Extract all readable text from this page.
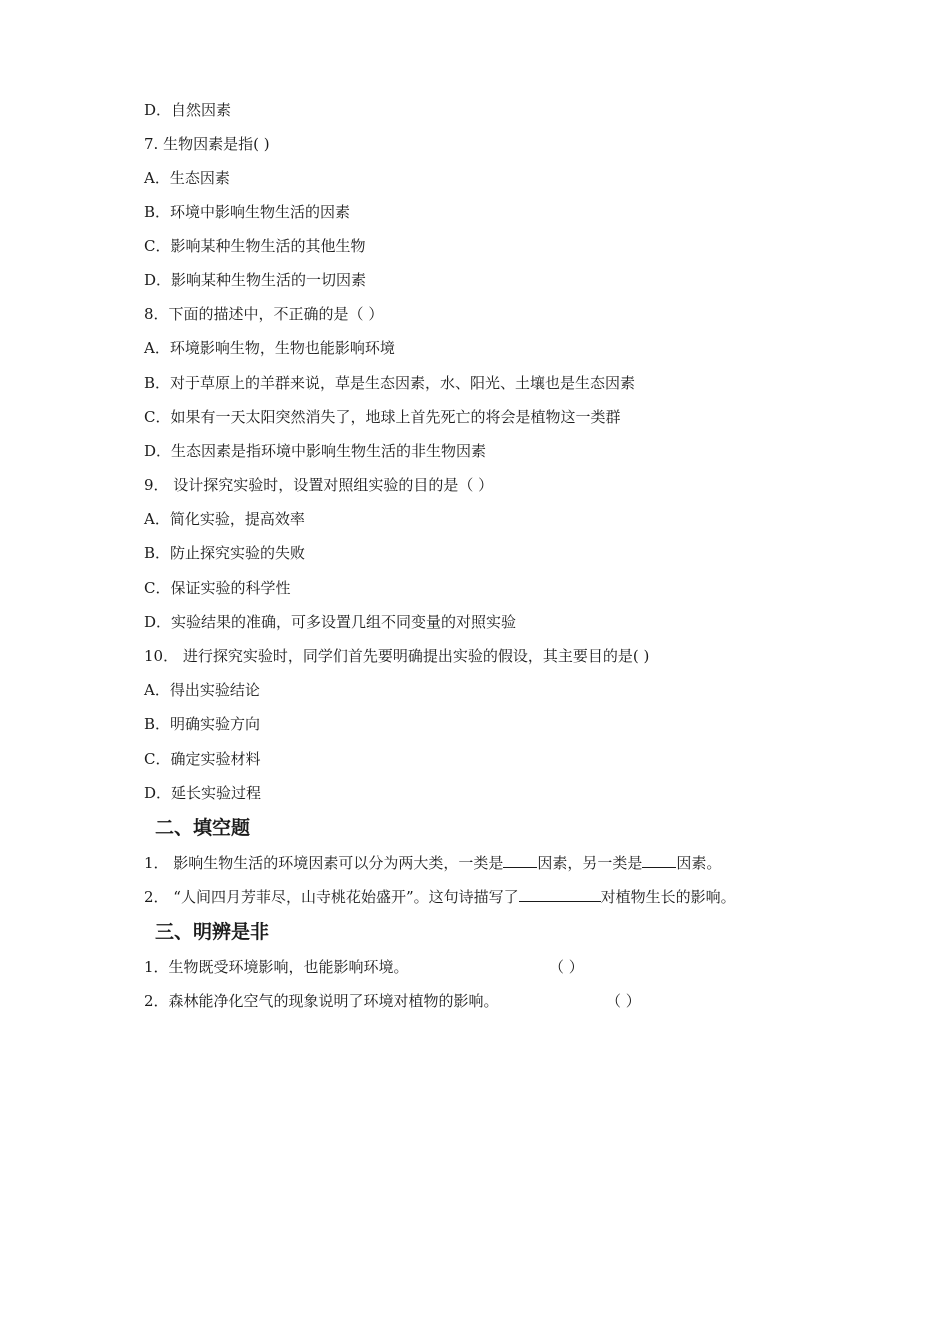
D．自然因素
7. 生物因素是指( )
A．生态因素
B．环境中影响生物生活的因素
C．影响某种生物生活的其他生物
D．影响某种生物生活的一切因素
8．下面的描述中，不正确的是（ ）
A．环境影响生物，生物也能影响环境
B．对于草原上的羊群来说，草是生态因素，水、阳光、土壤也是生态因素
C．如果有一天太阳突然消失了，地球上首先死亡的将会是植物这一类群
D．生态因素是指环境中影响生物生活的非生物因素
9． 设计探究实验时，设置对照组实验的目的是（ ）
A．简化实验，提高效率
B．防止探究实验的失败
C．保证实验的科学性
D．实验结果的准确，可多设置几组不同变量的对照实验
10． 进行探究实验时，同学们首先要明确提出实验的假设，其主要目的是( )
A．得出实验结论
B．明确实验方向
C．确定实验材料
D．延长实验过程
二、填空题
1． 影响生物生活的环境因素可以分为两大类，一类是 因素，另一类是 因素。
2． “人间四月芳菲尽，山寺桃花始盛开”。这句诗描写了	对植物生长的影响。
三、明辨是非
1．生物既受环境影响，也能影响环境。	（ ）
2．森林能净化空气的现象说明了环境对植物的影响。	（ ）
